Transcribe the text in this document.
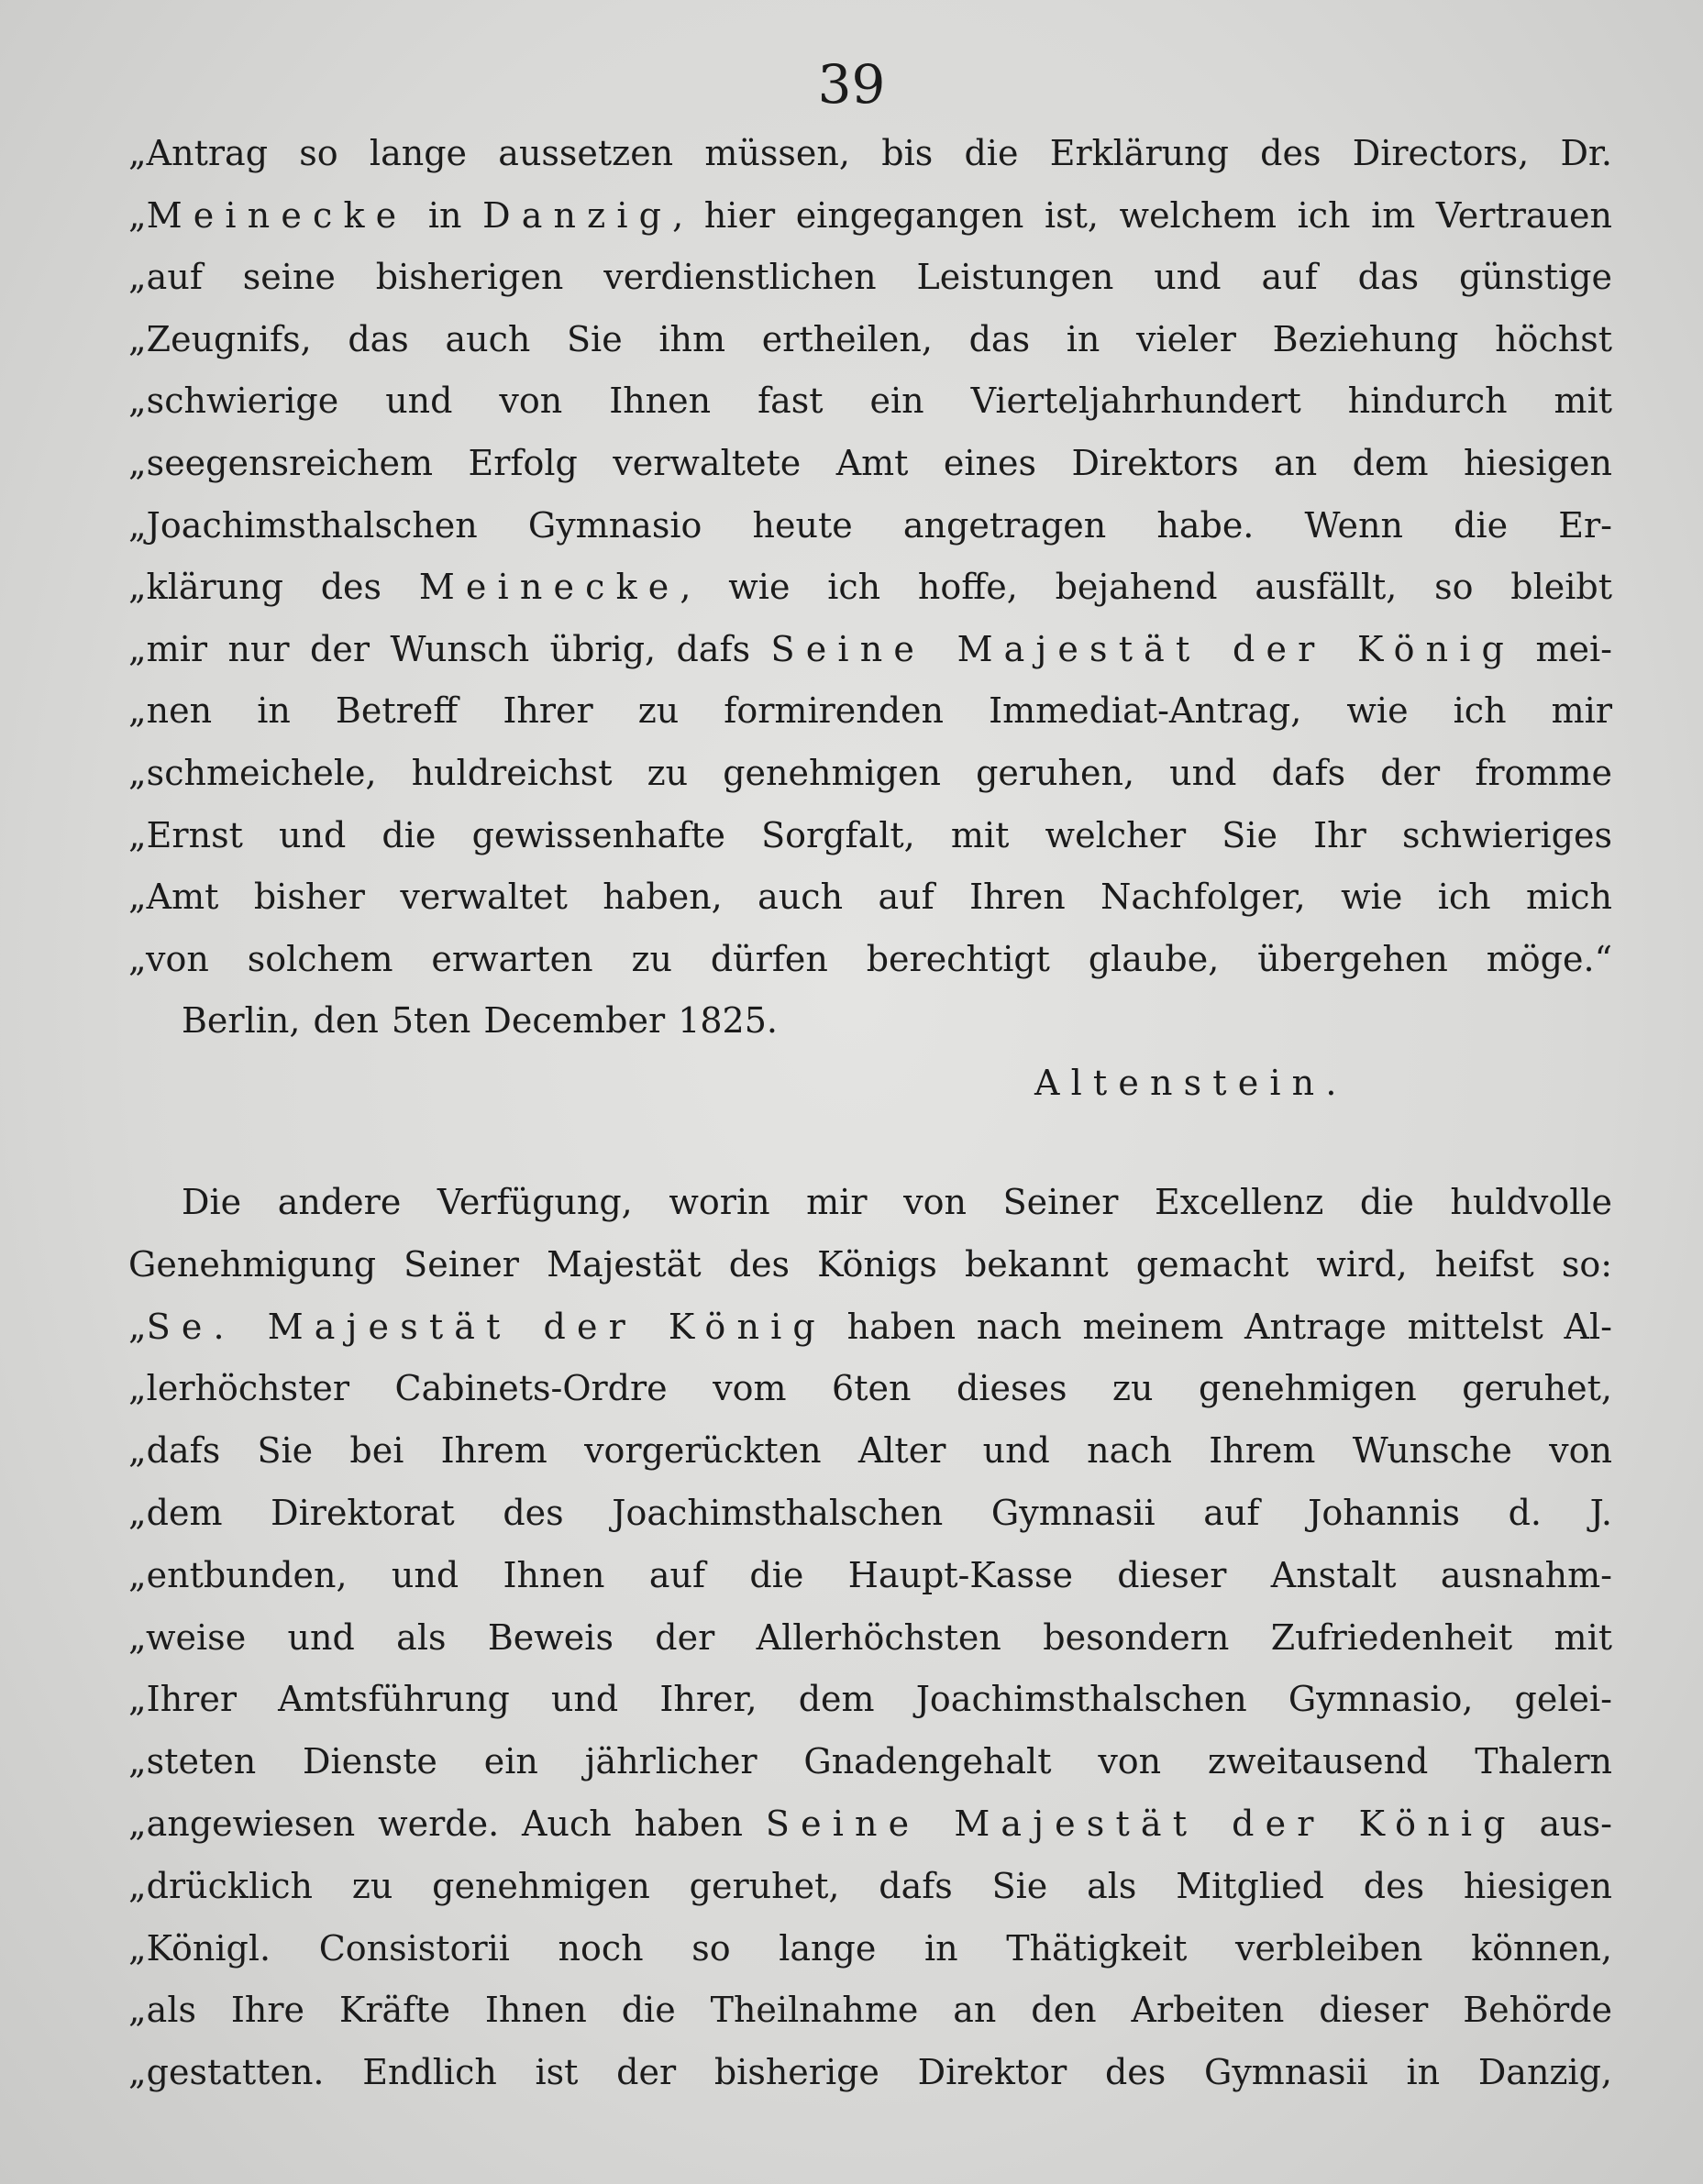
39
„Antrag so lange aussetzen müssen, bis die Erklärung des Directors, Dr.
„Meinecke in Danzig, hier eingegangen ist, welchem ich im Vertrauen
„auf seine bisherigen verdienstlichen Leistungen und auf das günstige
„Zeugnifs, das auch Sie ihm ertheilen, das in vieler Beziehung höchst
„schwierige und von Ihnen fast ein Vierteljahrhundert hindurch mit
„seegensreichem Erfolg verwaltete Amt eines Direktors an dem hiesigen
„Joachimsthalschen Gymnasio heute angetragen habe. Wenn die Er-
„klärung des Meinecke, wie ich hoffe, bejahend ausfällt, so bleibt
„mir nur der Wunsch übrig, dafs Seine Majestät der König mei-
„nen in Betreff Ihrer zu formirenden Immediat-Antrag, wie ich mir
„schmeichele, huldreichst zu genehmigen geruhen, und dafs der fromme
„Ernst und die gewissenhafte Sorgfalt, mit welcher Sie Ihr schwieriges
„Amt bisher verwaltet haben, auch auf Ihren Nachfolger, wie ich mich
„von solchem erwarten zu dürfen berechtigt glaube, übergehen möge.“
Berlin, den 5ten December 1825.
Altenstein.
Die andere Verfügung, worin mir von Seiner Excellenz die huldvolle
Genehmigung Seiner Majestät des Königs bekannt gemacht wird, heifst so:
„Se. Majestät der König haben nach meinem Antrage mittelst Al-
„lerhöchster Cabinets-Ordre vom 6ten dieses zu genehmigen geruhet,
„dafs Sie bei Ihrem vorgerückten Alter und nach Ihrem Wunsche von
„dem Direktorat des Joachimsthalschen Gymnasii auf Johannis d. J.
„entbunden, und Ihnen auf die Haupt-Kasse dieser Anstalt ausnahm-
„weise und als Beweis der Allerhöchsten besondern Zufriedenheit mit
„Ihrer Amtsführung und Ihrer, dem Joachimsthalschen Gymnasio, gelei-
„steten Dienste ein jährlicher Gnadengehalt von zweitausend Thalern
„angewiesen werde. Auch haben Seine Majestät der König aus-
„drücklich zu genehmigen geruhet, dafs Sie als Mitglied des hiesigen
„Königl. Consistorii noch so lange in Thätigkeit verbleiben können,
„als Ihre Kräfte Ihnen die Theilnahme an den Arbeiten dieser Behörde
„gestatten. Endlich ist der bisherige Direktor des Gymnasii in Danzig,
